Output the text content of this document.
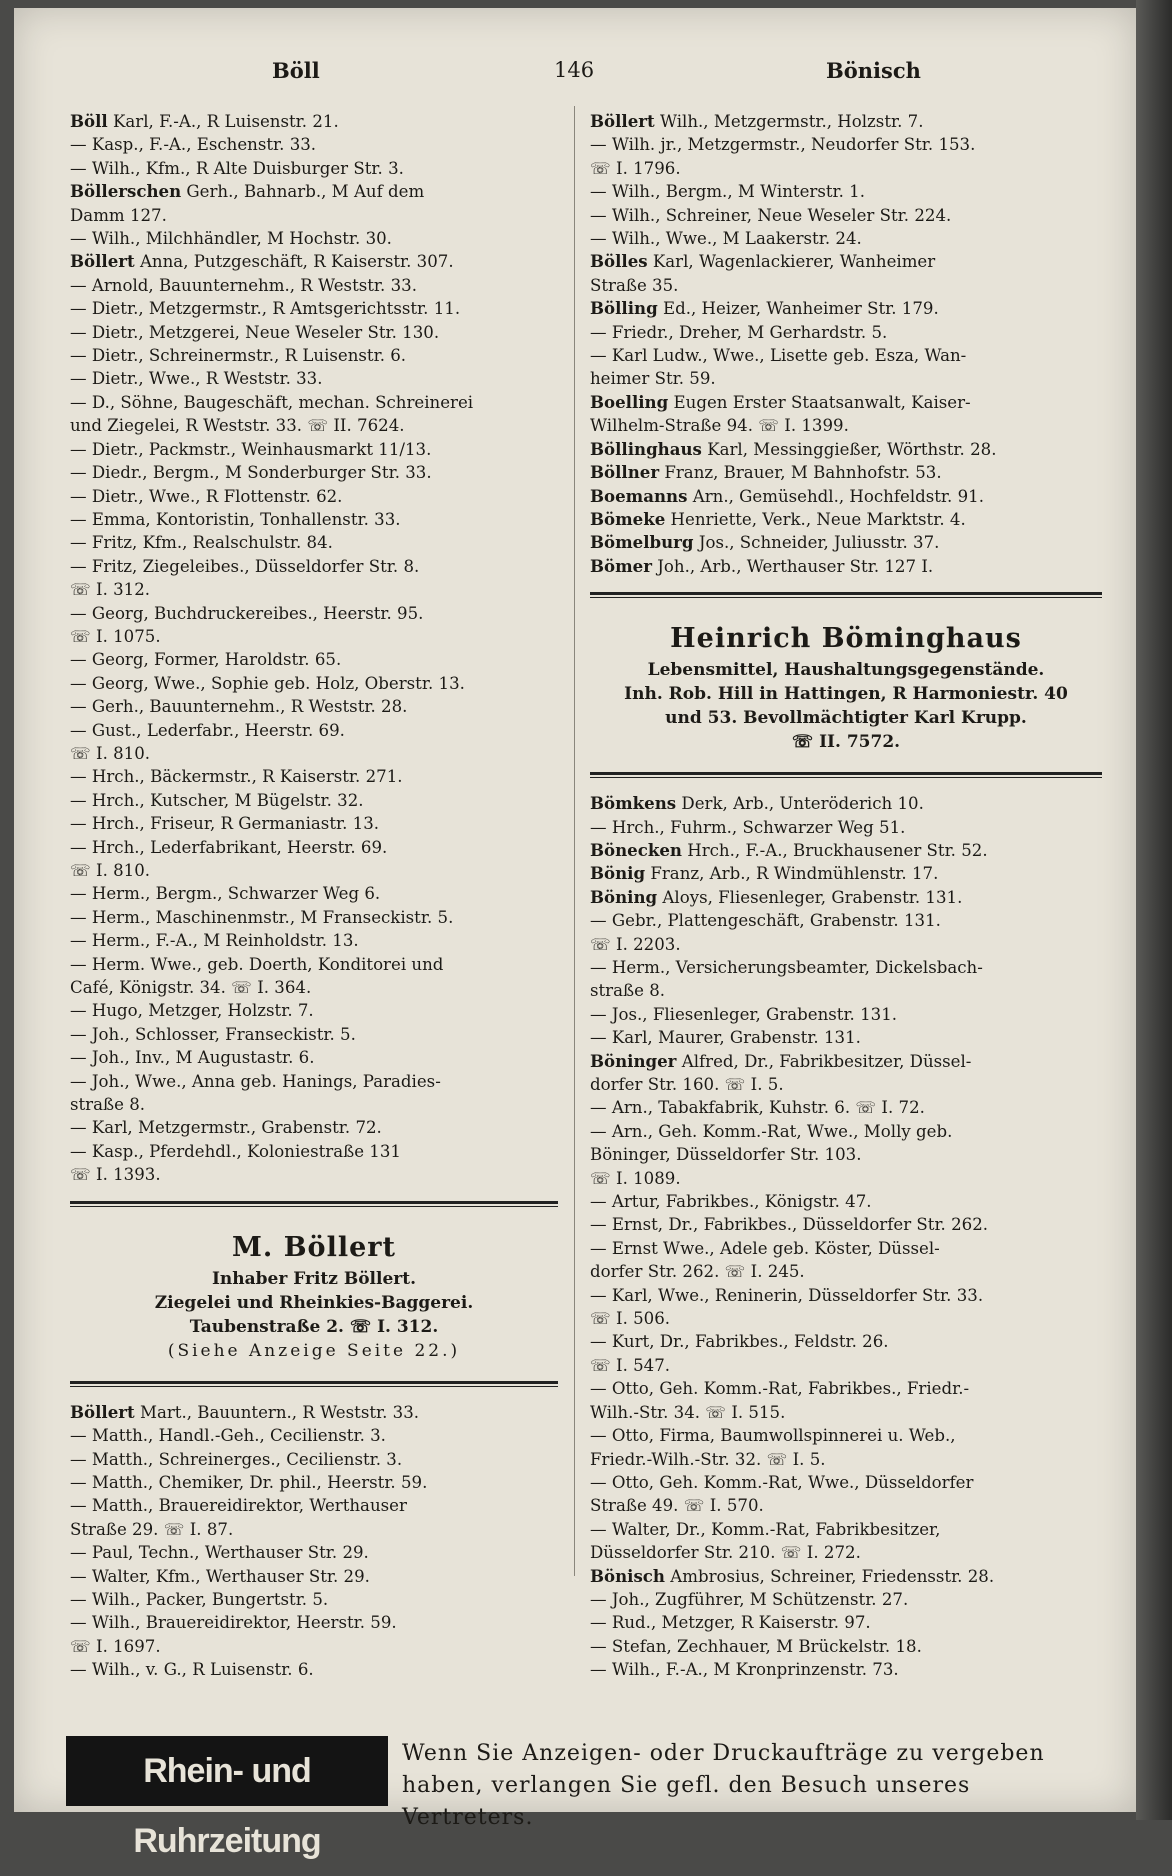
Böll	146	Bönisch
Böll Karl, F.-A., R Luisenstr. 21.
— Kasp., F.-A., Eschenstr. 33.
— Wilh., Kfm., R Alte Duisburger Str. 3.
Böllerschen Gerh., Bahnarb., M Auf dem
Damm 127.
— Wilh., Milchhändler, M Hochstr. 30.
Böllert Anna, Putzgeschäft, R Kaiserstr. 307.
— Arnold, Bauunternehm., R Weststr. 33.
— Dietr., Metzgermstr., R Amtsgerichtsstr. 11.
— Dietr., Metzgerei, Neue Weseler Str. 130.
— Dietr., Schreinermstr., R Luisenstr. 6.
— Dietr., Wwe., R Weststr. 33.
— D., Söhne, Baugeschäft, mechan. Schreinerei
und Ziegelei, R Weststr. 33. ☏ II. 7624.
— Dietr., Packmstr., Weinhausmarkt 11/13.
— Diedr., Bergm., M Sonderburger Str. 33.
— Dietr., Wwe., R Flottenstr. 62.
— Emma, Kontoristin, Tonhallenstr. 33.
— Fritz, Kfm., Realschulstr. 84.
— Fritz, Ziegeleibes., Düsseldorfer Str. 8.
☏ I. 312.
— Georg, Buchdruckereibes., Heerstr. 95.
☏ I. 1075.
— Georg, Former, Haroldstr. 65.
— Georg, Wwe., Sophie geb. Holz, Oberstr. 13.
— Gerh., Bauunternehm., R Weststr. 28.
— Gust., Lederfabr., Heerstr. 69.
☏ I. 810.
— Hrch., Bäckermstr., R Kaiserstr. 271.
— Hrch., Kutscher, M Bügelstr. 32.
— Hrch., Friseur, R Germaniastr. 13.
— Hrch., Lederfabrikant, Heerstr. 69.
☏ I. 810.
— Herm., Bergm., Schwarzer Weg 6.
— Herm., Maschinenmstr., M Franseckistr. 5.
— Herm., F.-A., M Reinholdstr. 13.
— Herm. Wwe., geb. Doerth, Konditorei und
Café, Königstr. 34. ☏ I. 364.
— Hugo, Metzger, Holzstr. 7.
— Joh., Schlosser, Franseckistr. 5.
— Joh., Inv., M Augustastr. 6.
— Joh., Wwe., Anna geb. Hanings, Paradies-
straße 8.
— Karl, Metzgermstr., Grabenstr. 72.
— Kasp., Pferdehdl., Koloniestraße 131
☏ I. 1393.
M. Böllert
Inhaber Fritz Böllert.
Ziegelei und Rheinkies-Baggerei.
Taubenstraße 2. ☏ I. 312.
(Siehe Anzeige Seite 22.)
Böllert Mart., Bauuntern., R Weststr. 33.
— Matth., Handl.-Geh., Cecilienstr. 3.
— Matth., Schreinerges., Cecilienstr. 3.
— Matth., Chemiker, Dr. phil., Heerstr. 59.
— Matth., Brauereidirektor, Werthauser
Straße 29. ☏ I. 87.
— Paul, Techn., Werthauser Str. 29.
— Walter, Kfm., Werthauser Str. 29.
— Wilh., Packer, Bungertstr. 5.
— Wilh., Brauereidirektor, Heerstr. 59.
☏ I. 1697.
— Wilh., v. G., R Luisenstr. 6.
Böllert Wilh., Metzgermstr., Holzstr. 7.
— Wilh. jr., Metzgermstr., Neudorfer Str. 153.
☏ I. 1796.
— Wilh., Bergm., M Winterstr. 1.
— Wilh., Schreiner, Neue Weseler Str. 224.
— Wilh., Wwe., M Laakerstr. 24.
Bölles Karl, Wagenlackierer, Wanheimer
Straße 35.
Bölling Ed., Heizer, Wanheimer Str. 179.
— Friedr., Dreher, M Gerhardstr. 5.
— Karl Ludw., Wwe., Lisette geb. Esza, Wan-
heimer Str. 59.
Boelling Eugen Erster Staatsanwalt, Kaiser-
Wilhelm-Straße 94. ☏ I. 1399.
Böllinghaus Karl, Messinggießer, Wörthstr. 28.
Böllner Franz, Brauer, M Bahnhofstr. 53.
Boemanns Arn., Gemüsehdl., Hochfeldstr. 91.
Bömeke Henriette, Verk., Neue Marktstr. 4.
Bömelburg Jos., Schneider, Juliusstr. 37.
Bömer Joh., Arb., Werthauser Str. 127 I.
Heinrich Böminghaus
Lebensmittel, Haushaltungsgegenstände.
Inh. Rob. Hill in Hattingen, R Harmoniestr. 40
und 53. Bevollmächtigter Karl Krupp.
☏ II. 7572.
Bömkens Derk, Arb., Unteröderich 10.
— Hrch., Fuhrm., Schwarzer Weg 51.
Bönecken Hrch., F.-A., Bruckhausener Str. 52.
Bönig Franz, Arb., R Windmühlenstr. 17.
Böning Aloys, Fliesenleger, Grabenstr. 131.
— Gebr., Plattengeschäft, Grabenstr. 131.
☏ I. 2203.
— Herm., Versicherungsbeamter, Dickelsbach-
straße 8.
— Jos., Fliesenleger, Grabenstr. 131.
— Karl, Maurer, Grabenstr. 131.
Böninger Alfred, Dr., Fabrikbesitzer, Düssel-
dorfer Str. 160. ☏ I. 5.
— Arn., Tabakfabrik, Kuhstr. 6. ☏ I. 72.
— Arn., Geh. Komm.-Rat, Wwe., Molly geb.
Böninger, Düsseldorfer Str. 103.
☏ I. 1089.
— Artur, Fabrikbes., Königstr. 47.
— Ernst, Dr., Fabrikbes., Düsseldorfer Str. 262.
— Ernst Wwe., Adele geb. Köster, Düssel-
dorfer Str. 262. ☏ I. 245.
— Karl, Wwe., Reninerin, Düsseldorfer Str. 33.
☏ I. 506.
— Kurt, Dr., Fabrikbes., Feldstr. 26.
☏ I. 547.
— Otto, Geh. Komm.-Rat, Fabrikbes., Friedr.-
Wilh.-Str. 34. ☏ I. 515.
— Otto, Firma, Baumwollspinnerei u. Web.,
Friedr.-Wilh.-Str. 32. ☏ I. 5.
— Otto, Geh. Komm.-Rat, Wwe., Düsseldorfer
Straße 49. ☏ I. 570.
— Walter, Dr., Komm.-Rat, Fabrikbesitzer,
Düsseldorfer Str. 210. ☏ I. 272.
Bönisch Ambrosius, Schreiner, Friedensstr. 28.
— Joh., Zugführer, M Schützenstr. 27.
— Rud., Metzger, R Kaiserstr. 97.
— Stefan, Zechhauer, M Brückelstr. 18.
— Wilh., F.-A., M Kronprinzenstr. 73.
Rhein- und Ruhrzeitung
Wenn Sie Anzeigen- oder Druckaufträge zu vergeben
haben, verlangen Sie gefl. den Besuch unseres Vertreters.
